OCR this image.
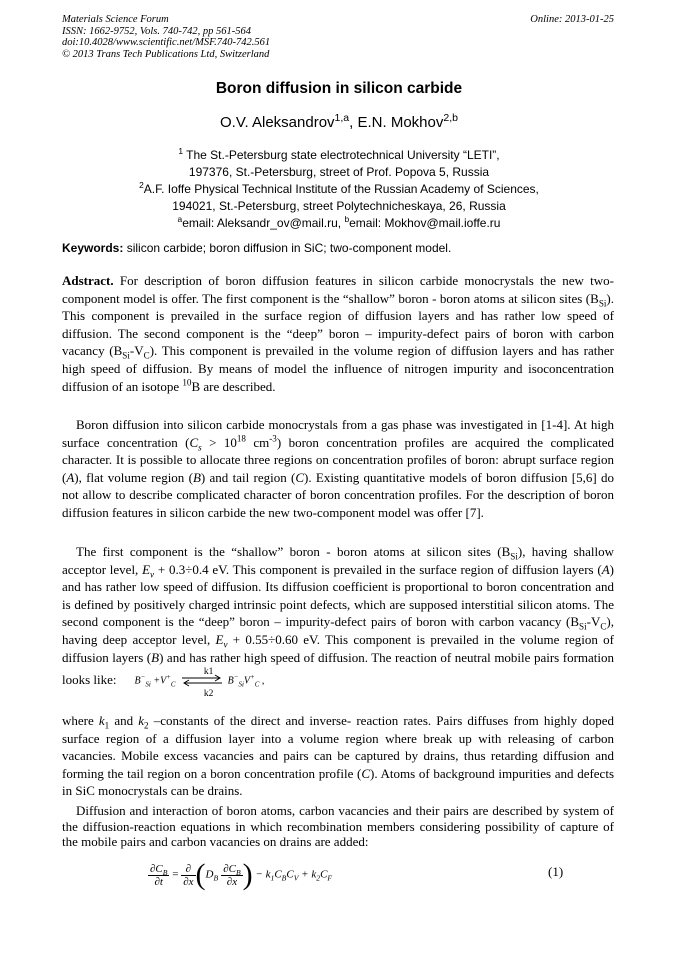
Materials Science Forum
ISSN: 1662-9752, Vols. 740-742, pp 561-564
doi:10.4028/www.scientific.net/MSF.740-742.561
© 2013 Trans Tech Publications Ltd, Switzerland
Online: 2013-01-25
Boron diffusion in silicon carbide
O.V. Aleksandrov$^{1,a}$, E.N. Mokhov$^{2,b}$
$^1$ The St.-Petersburg state electrotechnical University “LETI”,
197376, St.-Petersburg, street of Prof. Popova 5, Russia
$^2$A.F. Ioffe Physical Technical Institute of the Russian Academy of Sciences,
194021, St.-Petersburg, street Polytechnicheskaya, 26, Russia
$^a$email: Aleksandr_ov@mail.ru, $^b$email: Mokhov@mail.ioffe.ru
Keywords: silicon carbide; boron diffusion in SiC; two-component model.
Adstract. For description of boron diffusion features in silicon carbide monocrystals the new two-component model is offer. The first component is the “shallow” boron - boron atoms at silicon sites $(B_{Si})$. This component is prevailed in the surface region of diffusion layers and has rather low speed of diffusion. The second component is the “deep” boron – impurity-defect pairs of boron with carbon vacancy $(B_{Si}-V_C)$. This component is prevailed in the volume region of diffusion layers and has rather high speed of diffusion. By means of model the influence of nitrogen impurity and isoconcentration diffusion of an isotope $^{10}$B are described.
Boron diffusion into silicon carbide monocrystals from a gas phase was investigated in [1-4]. At high surface concentration ($C_s > 10^{18}$ $cm^{-3}$) boron concentration profiles are acquired the complicated character. It is possible to allocate three regions on concentration profiles of boron: abrupt surface region (A), flat volume region (B) and tail region (C). Existing quantitative models of boron diffusion [5,6] do not allow to describe complicated character of boron concentration profiles. For the description of boron diffusion features in silicon carbide the new two-component model was offer [7].
The first component is the “shallow” boron - boron atoms at silicon sites $(B_{Si})$, having shallow acceptor level, $E_v + 0.3\div 0.4$ eV. This component is prevailed in the surface region of diffusion layers (A) and has rather low speed of diffusion. Its diffusion coefficient is proportional to boron concentration and is defined by positively charged intrinsic point defects, which are supposed interstitial silicon atoms. The second component is the “deep” boron – impurity-defect pairs of boron with carbon vacancy $(B_{Si}-V_C)$, having deep acceptor level, $E_v + 0.55\div 0.60$ eV. This component is prevailed in the volume region of diffusion layers (B) and has rather high speed of diffusion. The reaction of neutral mobile pairs formation looks like: $B^-_{Si} +V^+_C$
k1
k2
$B^-_{Si}V^+_C$ ,
where $k_1$ and $k_2$ –constants of the direct and inverse- reaction rates. Pairs diffuses from highly doped surface region of a diffusion layer into a volume region where break up with releasing of carbon vacancies. Mobile excess vacancies and pairs can be captured by drains, thus retarding diffusion and forming the tail region on a boron concentration profile (C). Atoms of background impurities and defects in SiC monocrystals can be drains.
Diffusion and interaction of boron atoms, carbon vacancies and their pairs are described by system of the diffusion-reaction equations in which recombination members considering possibility of capture of the mobile pairs and carbon vacancies on drains are added:
$\frac{\partial C_B}{\partial t} = \frac{\partial}{\partial x} (D_B \frac{\partial C_B}{\partial x}$ ) − $k_1C_BC_V + k_2C_F$	(1)
